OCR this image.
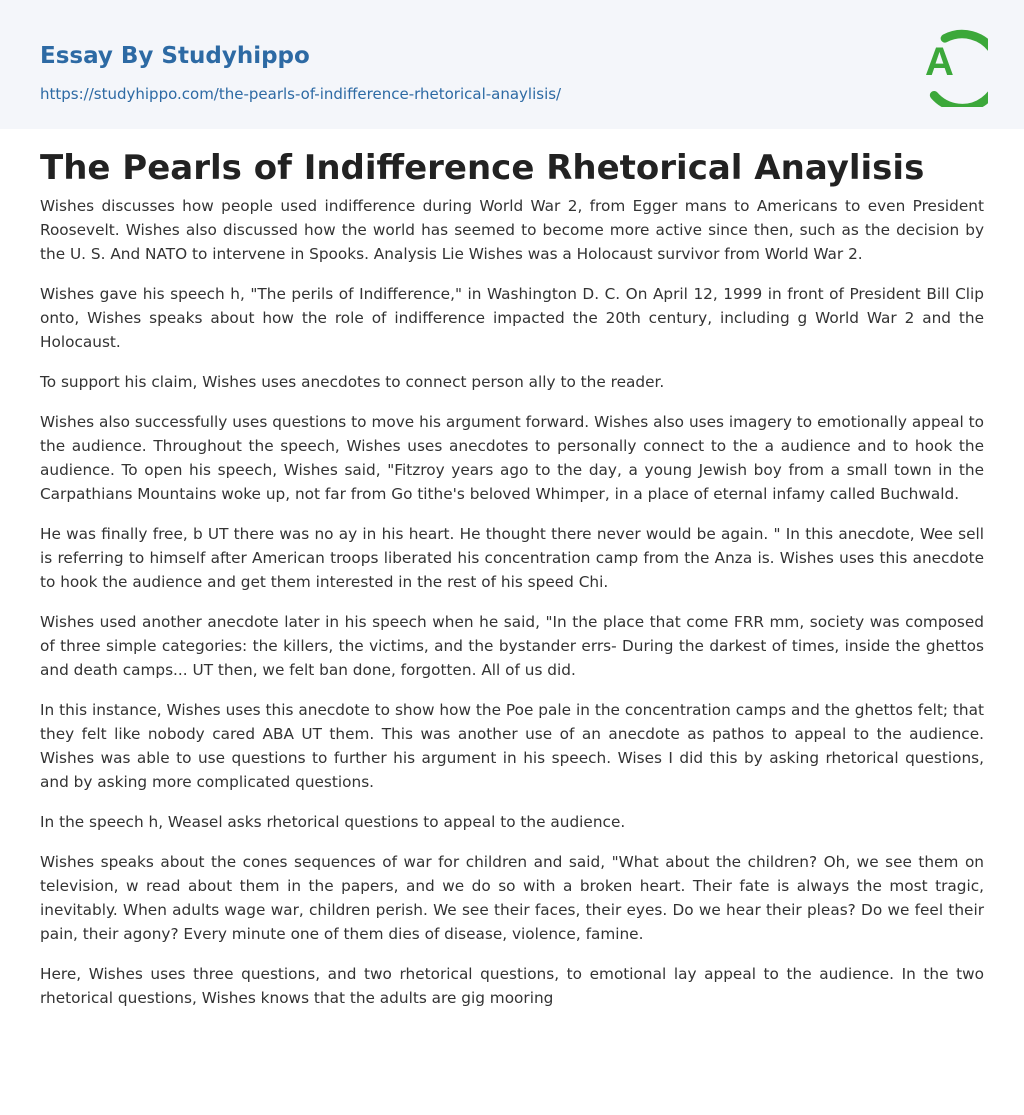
Essay By Studyhippo
https://studyhippo.com/the-pearls-of-indifference-rhetorical-anaylisis/
A
The Pearls of Indifference Rhetorical Anaylisis

Wishes discusses how people used indifference during World War 2, from Egger mans to Americans to even President Roosevelt. Wishes also discussed how the world has seemed to become more active since then, such as the decision by the U. S. And NATO to intervene in Spooks. Analysis Lie Wishes was a Holocaust survivor from World War 2.

Wishes gave his speech h, "The perils of Indifference," in Washington D. C. On April 12, 1999 in front of President Bill Clip onto, Wishes speaks about how the role of indifference impacted the 20th century, including g World War 2 and the Holocaust.

To support his claim, Wishes uses anecdotes to connect person ally to the reader.

Wishes also successfully uses questions to move his argument forward. Wishes also uses imagery to emotionally appeal to the audience. Throughout the speech, Wishes uses anecdotes to personally connect to the a audience and to hook the audience. To open his speech, Wishes said, "Fitzroy years ago to the day, a young Jewish boy from a small town in the Carpathians Mountains woke up, not far from Go tithe's beloved Whimper, in a place of eternal infamy called Buchwald.

He was finally free, b UT there was no ay in his heart. He thought there never would be again. " In this anecdote, Wee sell is referring to himself after American troops liberated his concentration camp from the Anza is. Wishes uses this anecdote to hook the audience and get them interested in the rest of his speed Chi.

Wishes used another anecdote later in his speech when he said, "In the place that come FRR mm, society was composed of three simple categories: the killers, the victims, and the bystander errs- During the darkest of times, inside the ghettos and death camps... UT then, we felt ban done, forgotten. All of us did.

In this instance, Wishes uses this anecdote to show how the Poe pale in the concentration camps and the ghettos felt; that they felt like nobody cared ABA UT them. This was another use of an anecdote as pathos to appeal to the audience. Wishes was able to use questions to further his argument in his speech. Wises I did this by asking rhetorical questions, and by asking more complicated questions.

In the speech h, Weasel asks rhetorical questions to appeal to the audience.

Wishes speaks about the cones sequences of war for children and said, "What about the children? Oh, we see them on television, w read about them in the papers, and we do so with a broken heart. Their fate is always the most tragic, inevitably. When adults wage war, children perish. We see their faces, their eyes. Do we hear their pleas? Do we feel their pain, their agony? Every minute one of them dies of disease, violence, famine.

Here, Wishes uses three questions, and two rhetorical questions, to emotional lay appeal to the audience. In the two rhetorical questions, Wishes knows that the adults are gig mooring
